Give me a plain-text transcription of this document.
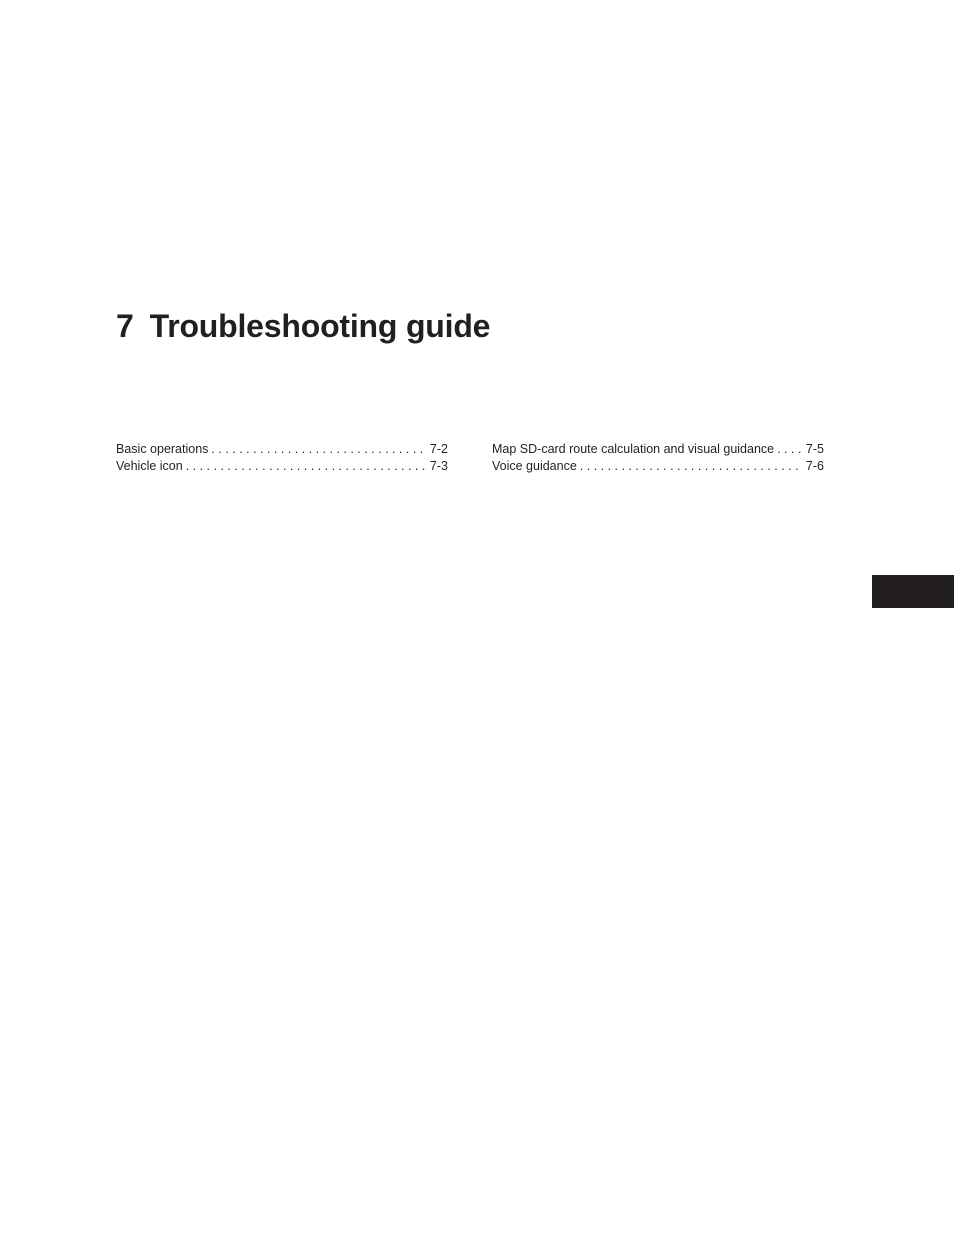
7 Troubleshooting guide
Basic operations . . .	7-2
Vehicle icon . . .	7-3
Map SD-card route calculation and visual guidance . . .	7-5
Voice guidance . . .	7-6
